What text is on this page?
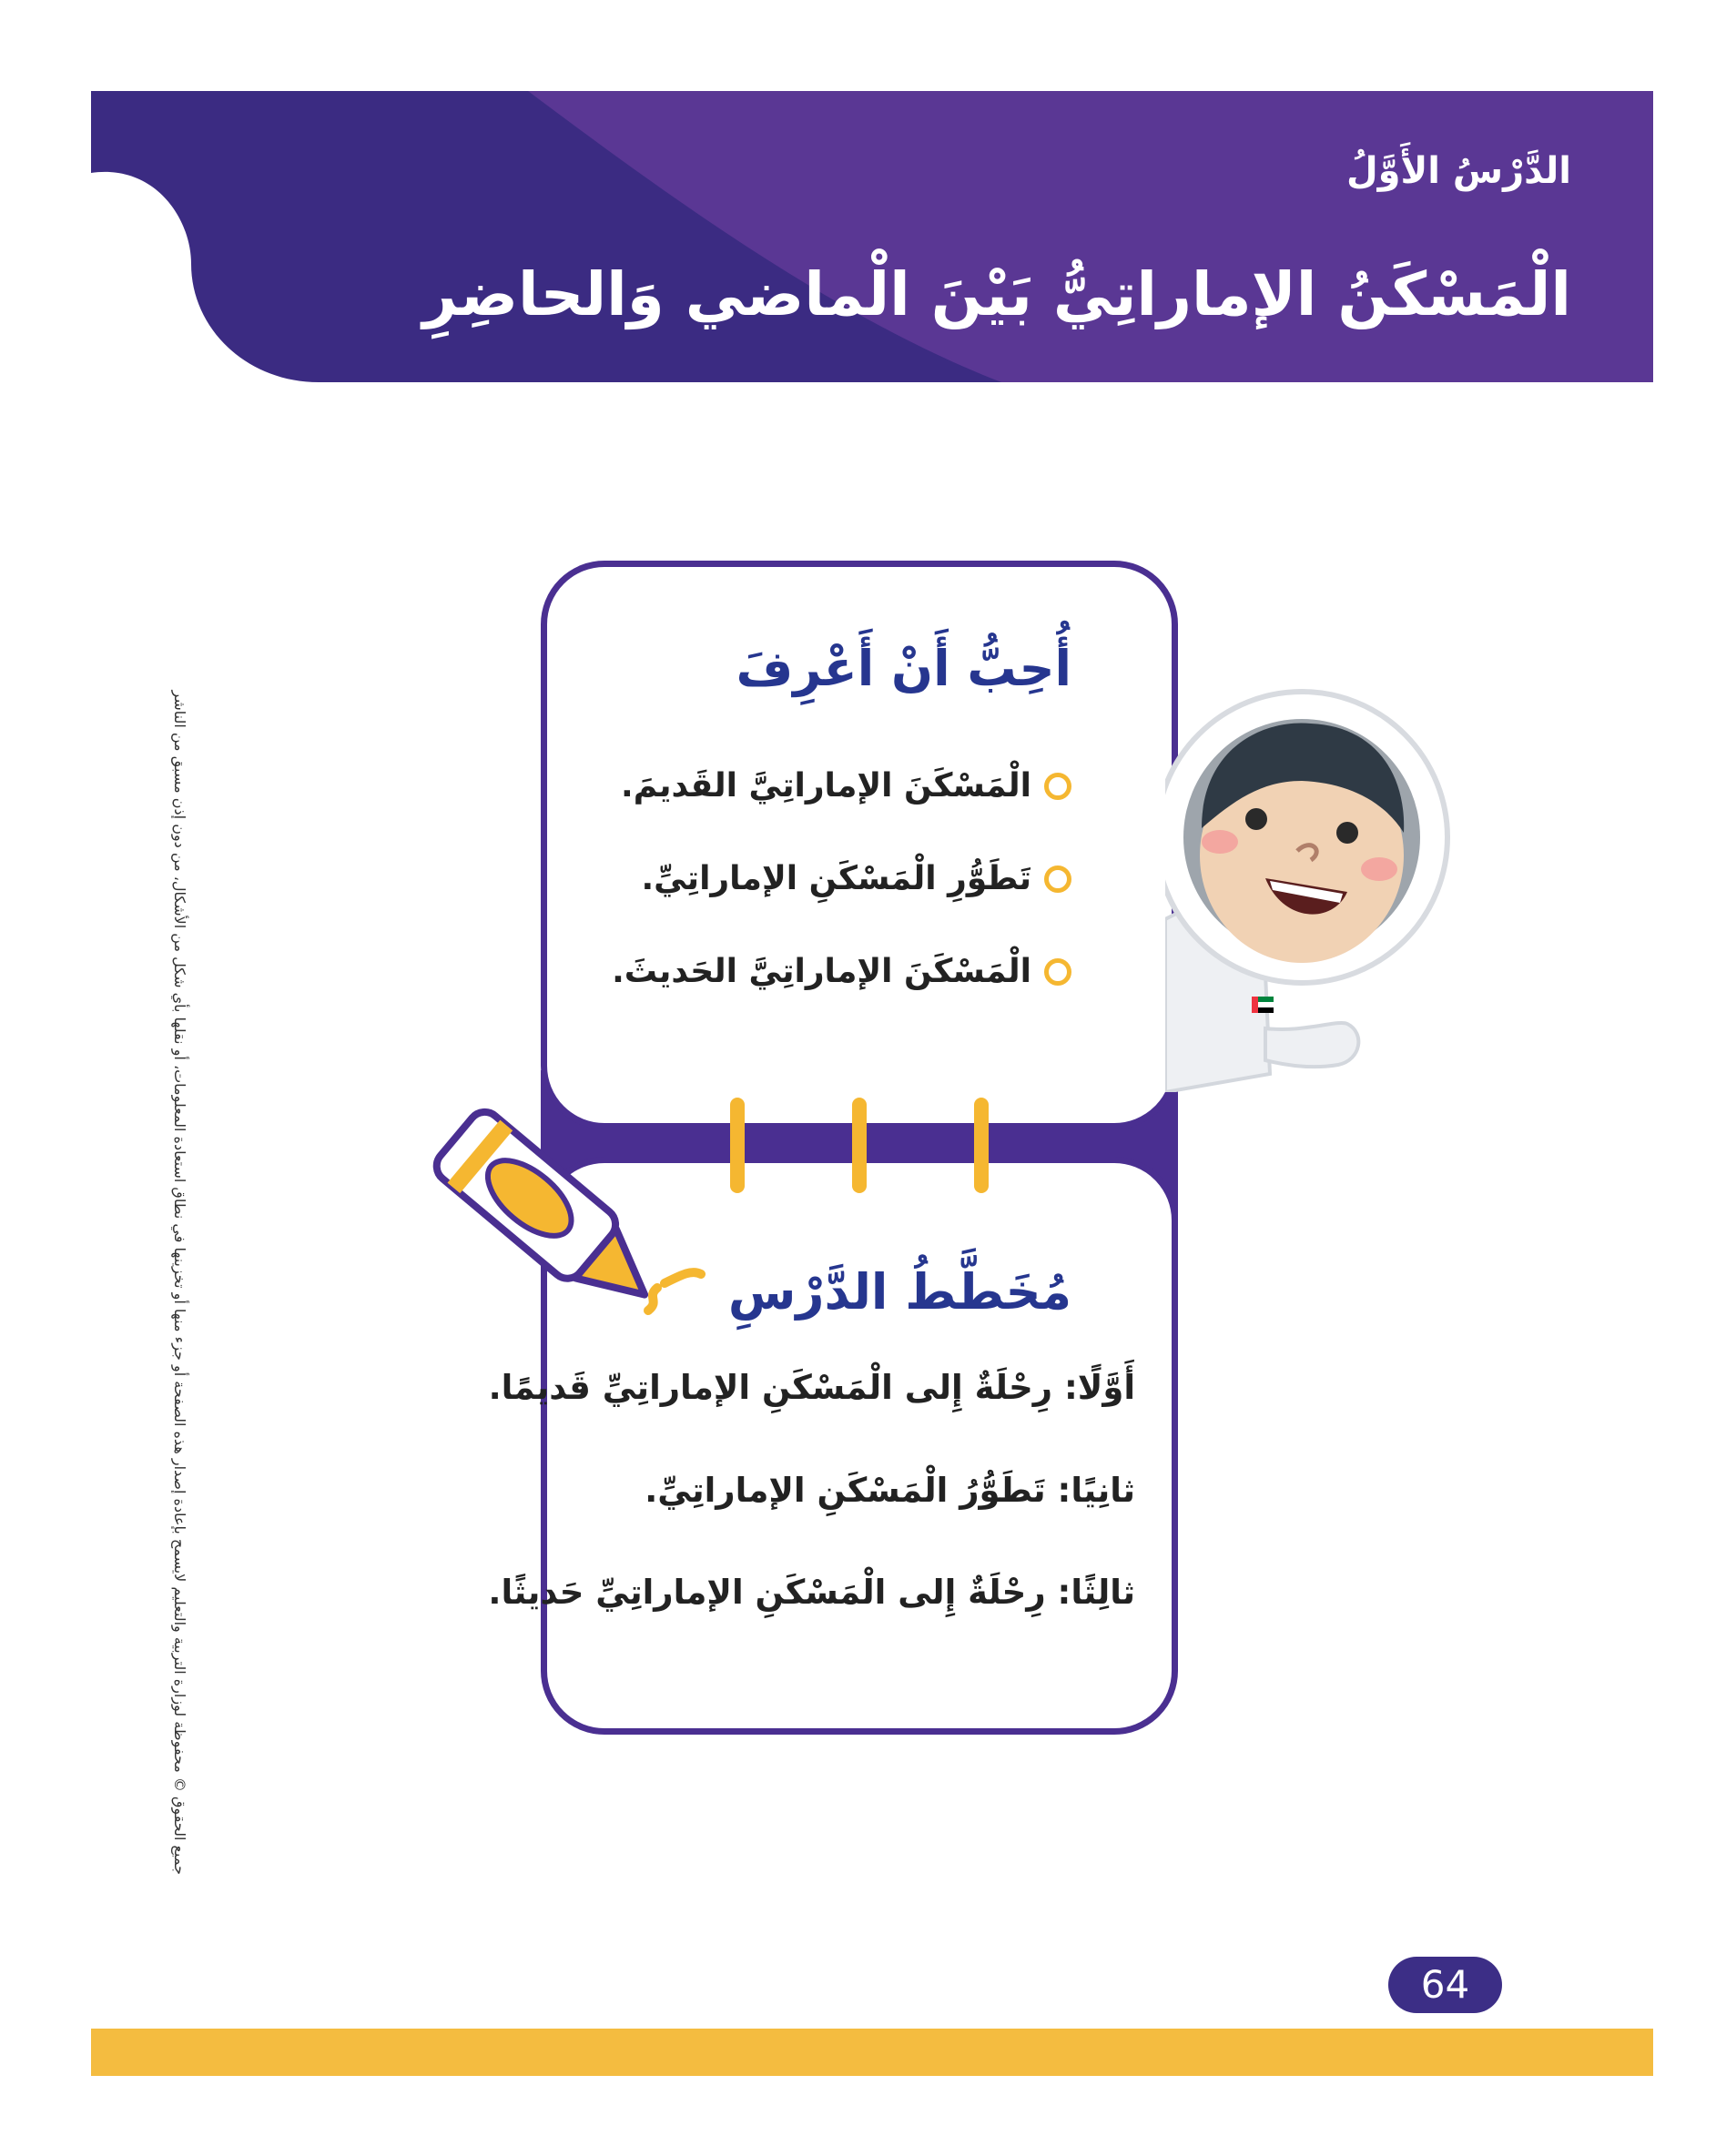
الدَّرْسُ الأَوَّلُ
الْمَسْكَنُ الإماراتِيُّ بَيْنَ الْماضي وَالحاضِرِ
جميع الحقوق © محفوظة لوزارة التربية والتعليم لايسمح بإعادة إصدار هذه الصفحة أو جزء منها أو تخزينها في نطاق استعادة المعلومات، أو نقلها بأي شكل من الأشكال، من دون إذن مسبق من الناشر
أُحِبُّ أَنْ أَعْرِفَ
الْمَسْكَنَ الإماراتِيَّ القَديمَ.
تَطَوُّرِ الْمَسْكَنِ الإماراتِيِّ.
الْمَسْكَنَ الإماراتِيَّ الحَديثَ.
مُخَطَّطُ الدَّرْسِ
أَوَّلًا: رِحْلَةٌ إِلى الْمَسْكَنِ الإماراتِيِّ قَديمًا.
ثانِيًا: تَطَوُّرُ الْمَسْكَنِ الإماراتِيِّ.
ثالِثًا: رِحْلَةٌ إِلى الْمَسْكَنِ الإماراتِيِّ حَديثًا.
64
